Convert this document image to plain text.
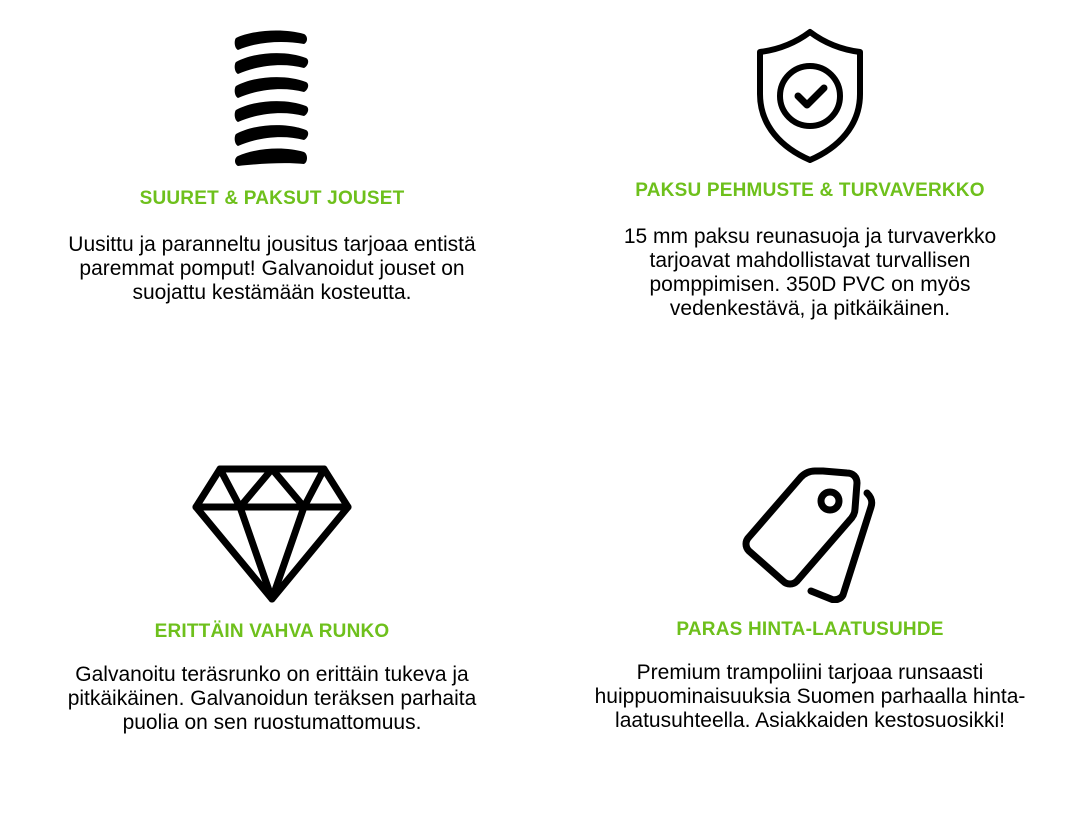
SUURET & PAKSUT JOUSET

Uusittu ja paranneltu jousitus tarjoaa entistä paremmat pomput! Galvanoidut jouset on suojattu kestämään kosteutta.

PAKSU PEHMUSTE & TURVAVERKKO

15 mm paksu reunasuoja ja turvaverkko tarjoavat mahdollistavat turvallisen pomppimisen. 350D PVC on myös vedenkestävä, ja pitkäikäinen.

ERITTÄIN VAHVA RUNKO

Galvanoitu teräsrunko on erittäin tukeva ja pitkäikäinen. Galvanoidun teräksen parhaita puolia on sen ruostumattomuus.

PARAS HINTA-LAATUSUHDE

Premium trampoliini tarjoaa runsaasti huippuominaisuuksia Suomen parhaalla hinta-laatusuhteella. Asiakkaiden kestosuosikki!
